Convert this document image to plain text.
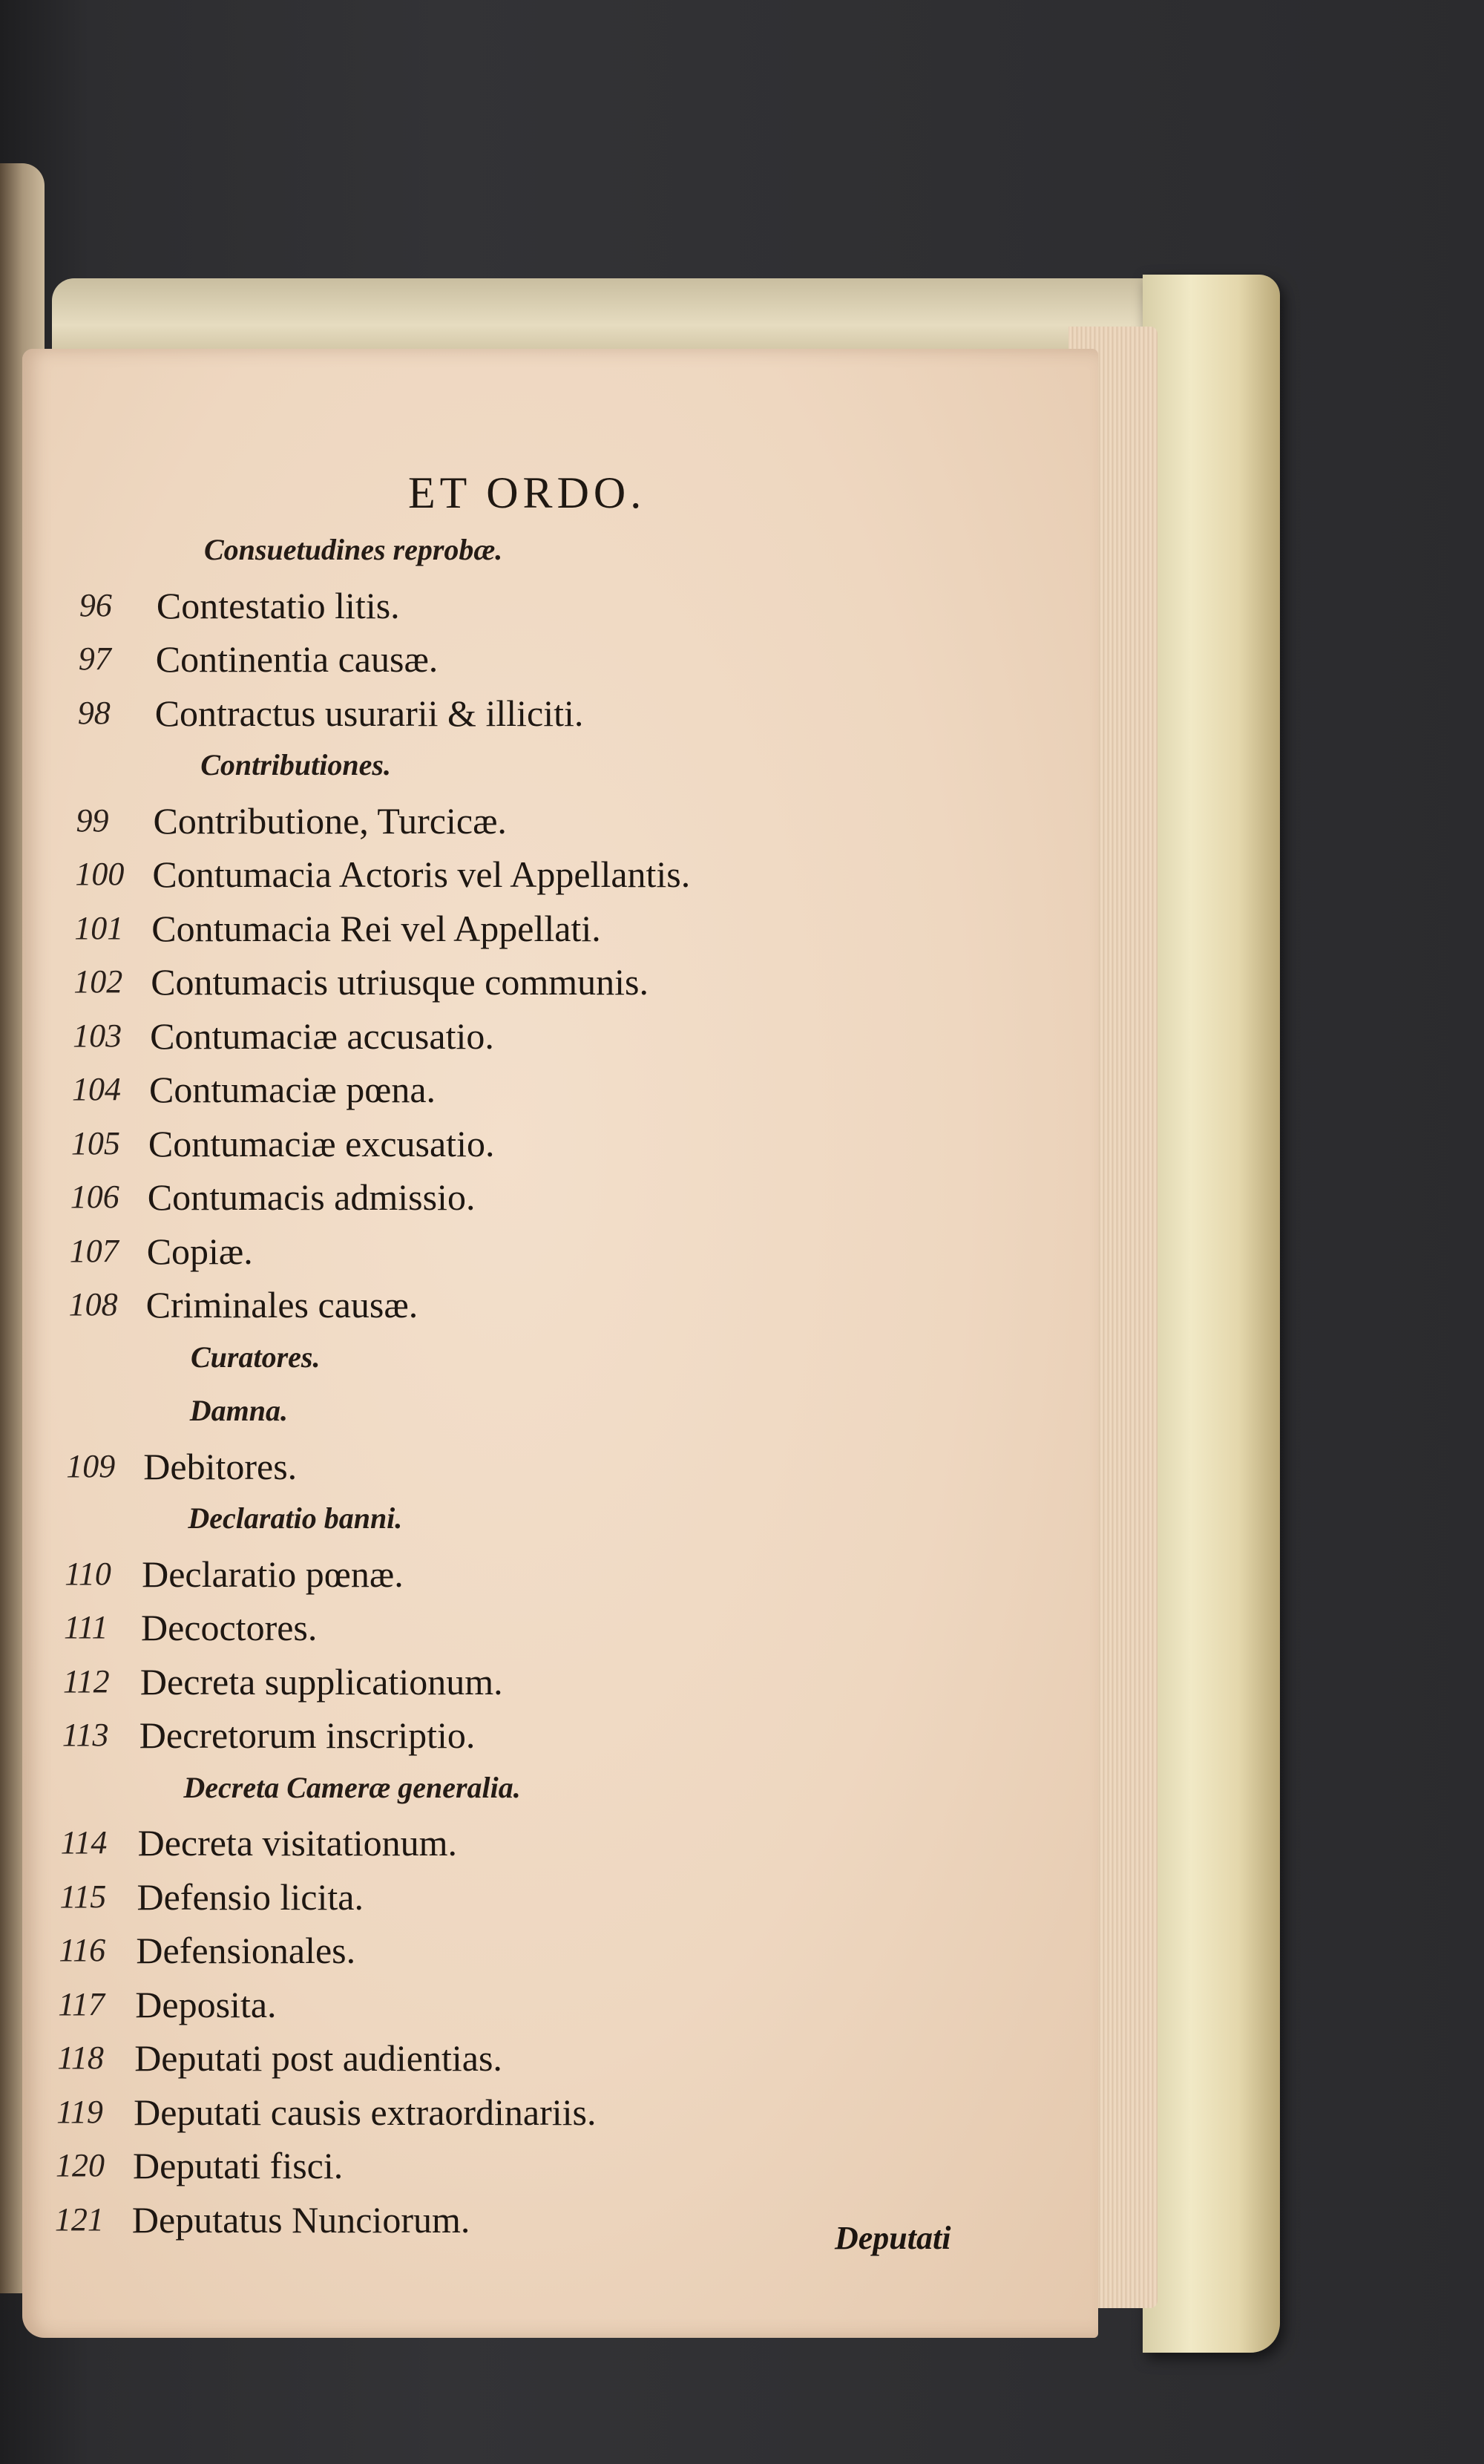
ET ORDO.
Consuetudines reprobæ.
96	Contestatio litis.
97	Continentia causæ.
98	Contractus usurarii & illiciti.
Contributiones.
99	Contributione, Turcicæ.
100 Contumacia Actoris vel Appellantis.
101 Contumacia Rei vel Appellati.
102 Contumacis utriusque communis.
103 Contumaciæ accusatio.
104 Contumaciæ pœna.
105 Contumaciæ excusatio.
106 Contumacis admissio.
107 Copiæ.
108 Criminales causæ.
Curatores.
Damna.
109 Debitores.
Declaratio banni.
110 Declaratio pœnæ.
111 Decoctores.
112 Decreta supplicationum.
113 Decretorum inscriptio.
Decreta Cameræ generalia.
114 Decreta visitationum.
115 Defensio licita.
116 Defensionales.
117 Deposita.
118 Deputati post audientias.
119 Deputati causis extraordinariis.
120 Deputati fisci.
121 Deputatus Nunciorum.	Deputati
